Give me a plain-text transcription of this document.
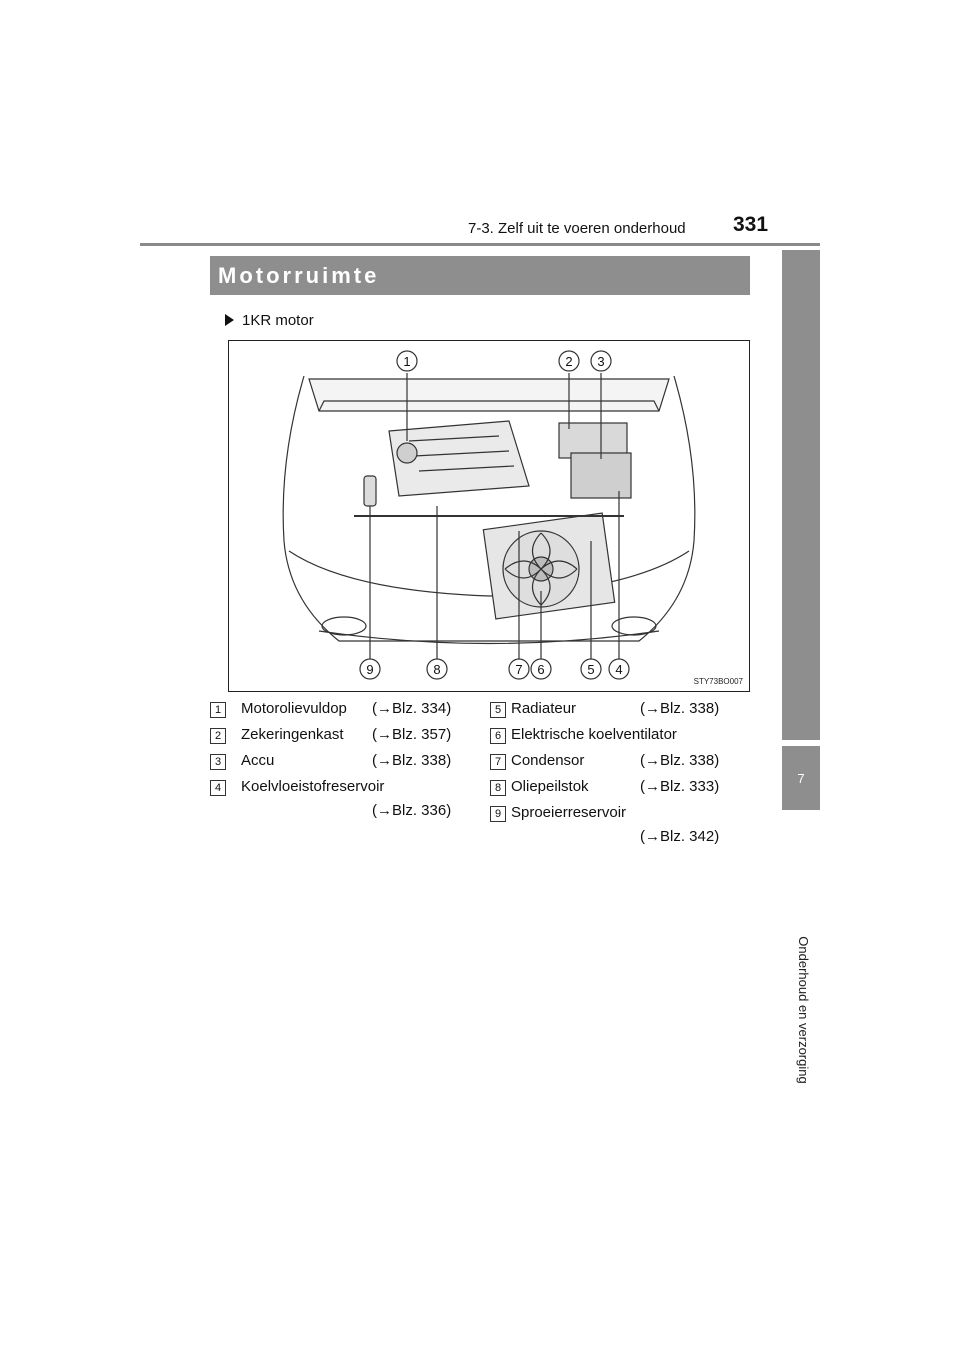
7-3. Zelf uit te voeren onderhoud 331
7
Onderhoud en verzorging
Motorruimte
1KR motor
1	2 3
9	8	7 6	5 4
STY73BO007
1	Motorolievuldop (→Blz. 334)
2	Zekeringenkast (→Blz. 357)
3	Accu	(→Blz. 338)
4	Koelvloeistofreservoir
(→Blz. 336)
5 Radiateur	(→Blz. 338)
6 Elektrische koelventilator
7 Condensor	(→Blz. 338)
8 Oliepeilstok	(→Blz. 333)
9 Sproeierreservoir
(→Blz. 342)
